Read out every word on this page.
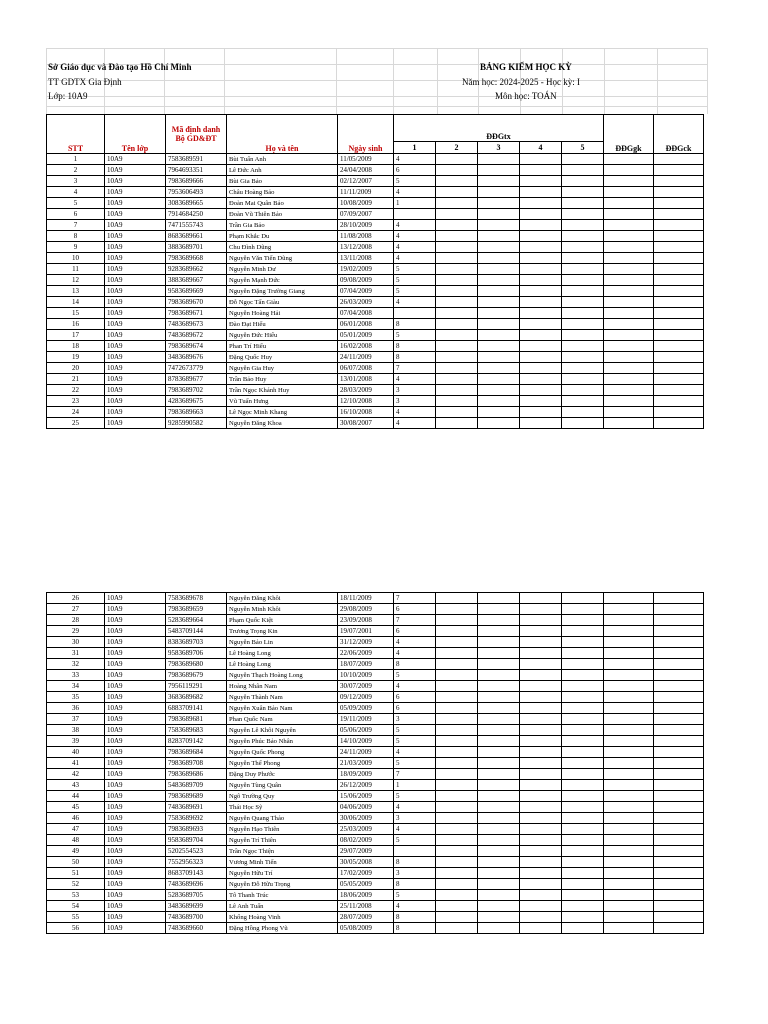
Sở Giáo dục và Đào tạo Hồ Chí Minh	BẢNG KIỂM HỌC KỲ
TT GDTX Gia Định	Năm học: 2024-2025 - Học kỳ: I
Lớp: 10A9	Môn học: TOÁN
STT	Tên lớp	Mã định danh Bộ GD&ĐT	Họ và tên	Ngày sinh	ĐĐGtx					ĐĐGgk	ĐĐGck
					1	2	3	4	5		
1	10A9	7583689591	Bùi Tuấn Anh	11/05/2009	4						
2	10A9	7964693351	Lê Đức Anh	24/04/2008	6						
3	10A9	7983689666	Bùi Gia Bảo	02/12/2007	5						
4	10A9	7953606493	Châu Hoàng Bảo	11/11/2009	4						
5	10A9	3083689665	Đoàn Mai Quân Bảo	10/08/2009	1						
6	10A9	7914684250	Đoàn Vũ Thiên Bảo	07/09/2007							
7	10A9	7471555743	Trần Gia Bảo	28/10/2009	4						
8	10A9	8683689661	Phạm Khắc Du	11/08/2008	4						
9	10A9	3883689701	Chu Đình Dũng	13/12/2008	4						
10	10A9	7983689668	Nguyễn Văn Tiến Dũng	13/11/2008	4						
11	10A9	9283689662	Nguyễn Minh Dư	19/02/2009	5						
12	10A9	3883689667	Nguyễn Mạnh Đức	09/08/2009	5						
13	10A9	9583689669	Nguyễn Đặng Trường Giang	07/04/2009	5						
14	10A9	7983689670	Đỗ Ngọc Tấn Giàu	26/03/2009	4						
15	10A9	7983689671	Nguyễn Hoàng Hải	07/04/2008							
16	10A9	7483689673	Đào Đạt Hiếu	06/01/2008	8						
17	10A9	7483689672	Nguyễn Đức Hiếu	05/01/2009	5						
18	10A9	7983689674	Phan Trí Hiếu	16/02/2008	8						
19	10A9	3483689676	Đặng Quốc Huy	24/11/2009	8						
20	10A9	7472673779	Nguyễn Gia Huy	06/07/2008	7						
21	10A9	8783689677	Trần Bảo Huy	13/01/2008	4						
22	10A9	7983689702	Trần Ngọc Khánh Huy	28/03/2009	3						
23	10A9	4283689675	Vũ Tuấn Hưng	12/10/2008	3						
24	10A9	7983689663	Lê Ngọc Minh Khang	16/10/2008	4						
25	10A9	9285990582	Nguyễn Đăng Khoa	30/08/2007	4						
26	10A9	7583689678	Nguyễn Đăng Khôi	18/11/2009	7						
27	10A9	7983689659	Nguyễn Minh Khôi	29/08/2009	6						
28	10A9	5283689664	Phạm Quốc Kiệt	23/09/2008	7						
29	10A9	5483709144	Trương Trọng Kin	19/07/2001	6						
30	10A9	8383689703	Nguyễn Bảo Lin	31/12/2009	4						
31	10A9	9583689706	Lê Hoàng Long	22/06/2009	4						
32	10A9	7983689680	Lê Hoàng Long	18/07/2009	8						
33	10A9	7983689679	Nguyễn Thạch Hoàng Long	10/10/2009	5						
34	10A9	7956119291	Hoàng Nhân Nam	30/07/2009	4						
35	10A9	3683689682	Nguyễn Thành Nam	09/12/2009	6						
36	10A9	6883709141	Nguyễn Xuân Bảo Nam	05/09/2009	6						
37	10A9	7983689681	Phan Quốc Nam	19/11/2009	3						
38	10A9	7583689683	Nguyễn Lê Khôi Nguyên	05/06/2009	5						
39	10A9	8283709142	Nguyễn Phúc Bảo Nhân	14/10/2009	5						
40	10A9	7983689684	Nguyễn Quốc Phong	24/11/2009	4						
41	10A9	7983689708	Nguyễn Thế Phong	21/03/2009	5						
42	10A9	7983689686	Đặng Duy Phước	18/09/2009	7						
43	10A9	5483689709	Nguyễn Tùng Quân	26/12/2009	1						
44	10A9	7983689689	Ngô Trường Quy	15/06/2009	5						
45	10A9	7483689691	Thái Học Sỹ	04/06/2009	4						
46	10A9	7583689692	Nguyễn Quang Thảo	30/06/2009	3						
47	10A9	7983689693	Nguyễn Hạo Thiên	25/03/2009	4						
48	10A9	9583689704	Nguyễn Trí Thiên	08/02/2009	5						
49	10A9	5202554523	Trần Ngọc Thiện	29/07/2009							
50	10A9	7552956323	Vương Minh Tiến	30/05/2008	8						
51	10A9	8683709143	Nguyễn Hữu Trí	17/02/2009	3						
52	10A9	7483689696	Nguyễn Đỗ Hữu Trọng	05/05/2009	8						
53	10A9	5283689705	Tô Thanh Trúc	18/06/2009	5						
54	10A9	3483689699	Lê Anh Tuấn	25/11/2008	4						
55	10A9	7483689700	Khổng Hoàng Vinh	28/07/2009	8						
56	10A9	7483689660	Đặng Hồng Phong Vũ	05/08/2009	8						
